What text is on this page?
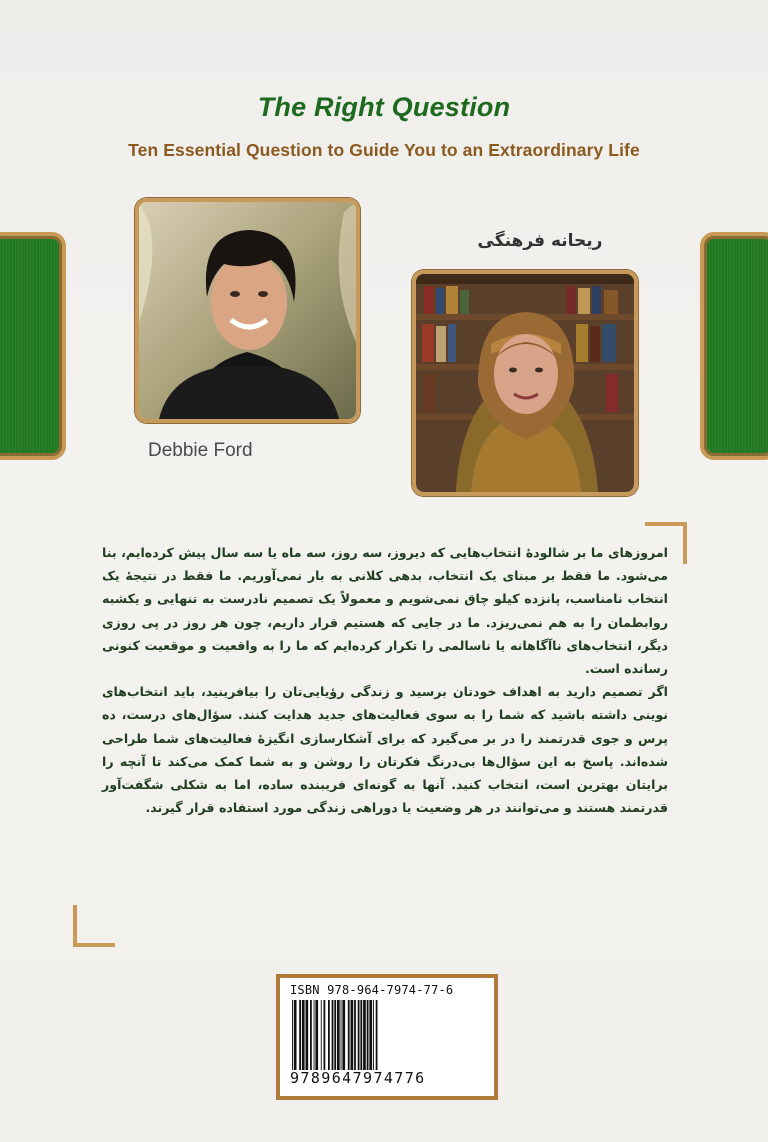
The Right Question
Ten Essential Question to Guide You to an Extraordinary Life
Debbie Ford
ریحانه فرهنگی

امروزهای ما بر شالودهٔ انتخاب‌هایی که دیروز، سه روز، سه ماه یا سه سال پیش کرده‌ایم، بنا می‌شود. ما فقط بر مبنای یک انتخاب، بدهی کلانی به بار نمی‌آوریم. ما فقط در نتیجهٔ یک انتخاب نامناسب، پانزده کیلو چاق نمی‌شویم و معمولاً یک تصمیم نادرست به تنهایی و یکشبه روابطمان را به هم نمی‌ریزد. ما در جایی که هستیم قرار داریم، چون هر روز در پی روزی دیگر، انتخاب‌های ناآگاهانه یا ناسالمی را تکرار کرده‌ایم که ما را به واقعیت و موقعیت کنونی رسانده است.

اگر تصمیم دارید به اهداف خودتان برسید و زندگی رؤیایی‌تان را بیافرینید، باید انتخاب‌های نوینی داشته باشید که شما را به سوی فعالیت‌های جدید هدایت کنند. سؤال‌های درست، ده پرس و جوی قدرتمند را در بر می‌گیرد که برای آشکارسازی انگیزهٔ فعالیت‌های شما طراحی شده‌اند. پاسخ به این سؤال‌ها بی‌درنگ فکرتان را روشن و به شما کمک می‌کند تا آنچه را برایتان بهترین است، انتخاب کنید. آنها به گونه‌ای فریبنده ساده، اما به شکلی شگفت‌آور قدرتمند هستند و می‌توانند در هر وضعیت یا دوراهی زندگی مورد استفاده قرار گیرند.

ISBN 978-964-7974-77-6
9789647974776
